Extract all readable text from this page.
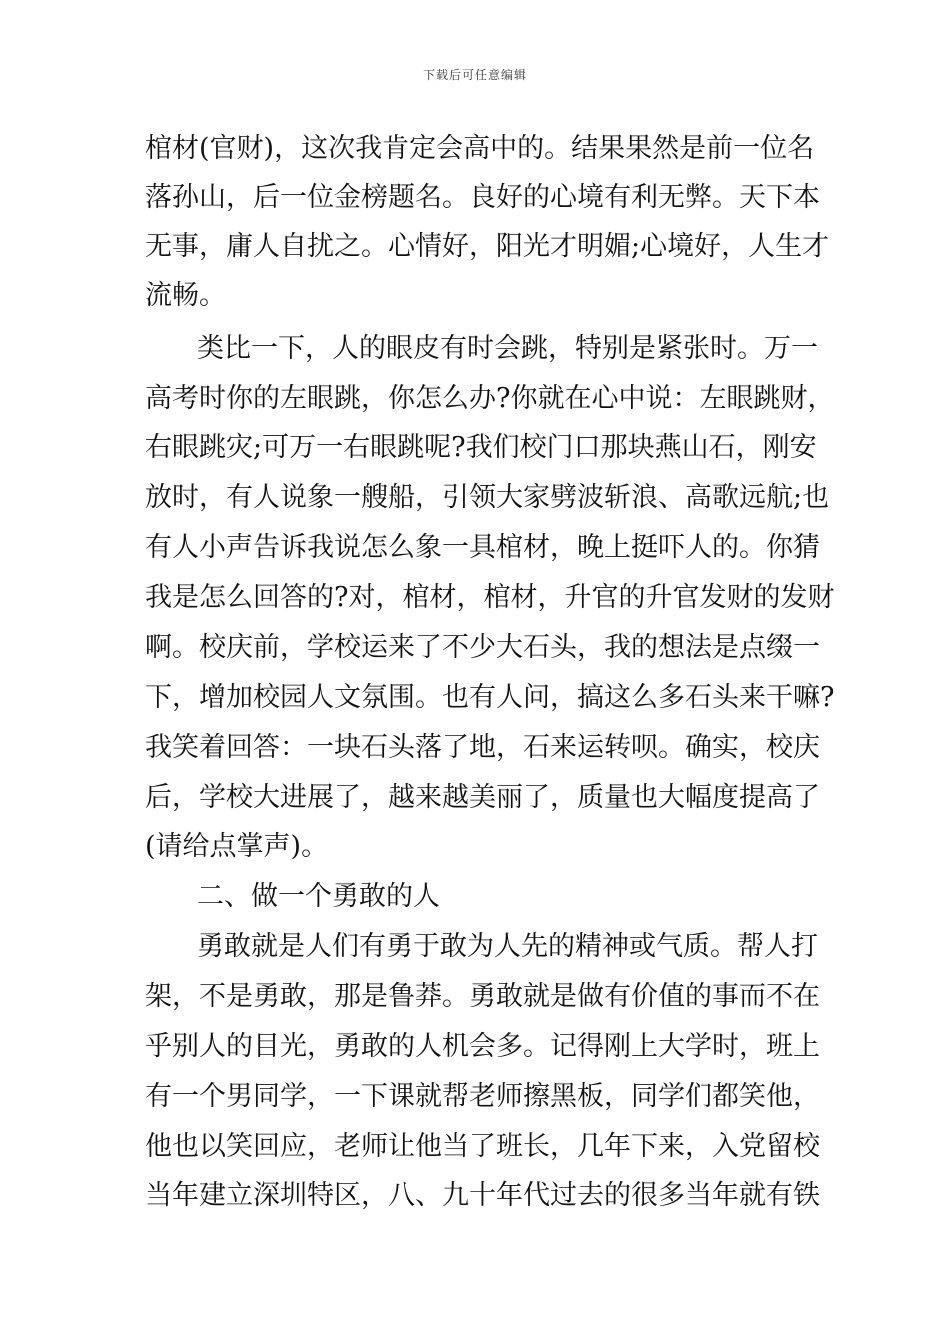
下载后可任意编辑
棺材(官财)，这次我肯定会高中的。结果果然是前一位名
落孙山，后一位金榜题名。良好的心境有利无弊。天下本
无事，庸人自扰之。心情好，阳光才明媚;心境好，人生才
流畅。
类比一下，人的眼皮有时会跳，特别是紧张时。万一
高考时你的左眼跳，你怎么办?你就在心中说：左眼跳财，
右眼跳灾;可万一右眼跳呢?我们校门口那块燕山石，刚安
放时，有人说象一艘船，引领大家劈波斩浪、高歌远航;也
有人小声告诉我说怎么象一具棺材，晚上挺吓人的。你猜
我是怎么回答的?对，棺材，棺材，升官的升官发财的发财
啊。校庆前，学校运来了不少大石头，我的想法是点缀一
下，增加校园人文氛围。也有人问，搞这么多石头来干嘛?
我笑着回答：一块石头落了地，石来运转呗。确实，校庆
后，学校大进展了，越来越美丽了，质量也大幅度提高了
(请给点掌声)。
二、做一个勇敢的人
勇敢就是人们有勇于敢为人先的精神或气质。帮人打
架，不是勇敢，那是鲁莽。勇敢就是做有价值的事而不在
乎别人的目光，勇敢的人机会多。记得刚上大学时，班上
有一个男同学，一下课就帮老师擦黑板，同学们都笑他，
他也以笑回应，老师让他当了班长，几年下来，入党留校
当年建立深圳特区，八、九十年代过去的很多当年就有铁
